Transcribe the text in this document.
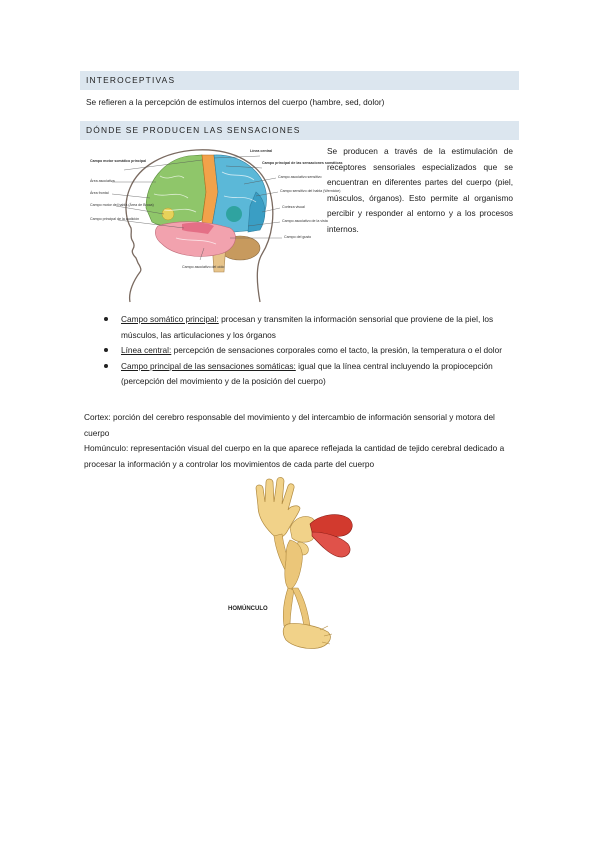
INTEROCEPTIVAS
Se refieren a la percepción de estímulos internos del cuerpo (hambre, sed, dolor)
DÓNDE SE PRODUCEN LAS SENSACIONES
Campo motor somático principal
Área asociativa
Área frontal
Campo motor del habla (Área de Broca)
Campo principal de la audición
Campo asociativo del oído
Línea central
Campo principal de las sensaciones somáticas
Campo asociativo sensitivo
Campo sensitivo del habla (Wernicke)
Corteza visual
Campo asociativo de la vista
Campo del gusto
Se producen a través de la estimulación de receptores sensoriales especializados que se encuentran en diferentes partes del cuerpo (piel, músculos, órganos). Esto permite al organismo percibir y responder al entorno y a los procesos internos.
Campo somático principal: procesan y transmiten la información sensorial que proviene de la piel, los músculos, las articulaciones y los órganos
Línea central: percepción de sensaciones corporales como el tacto, la presión, la temperatura o el dolor
Campo principal de las sensaciones somáticas: igual que la línea central incluyendo la propiocepción (percepción del movimiento y de la posición del cuerpo)
Cortex: porción del cerebro responsable del movimiento y del intercambio de información sensorial y motora del cuerpo
Homúnculo: representación visual del cuerpo en la que aparece reflejada la cantidad de tejido cerebral dedicado a procesar la información y a controlar los movimientos de cada parte del cuerpo
HOMÚNCULO
